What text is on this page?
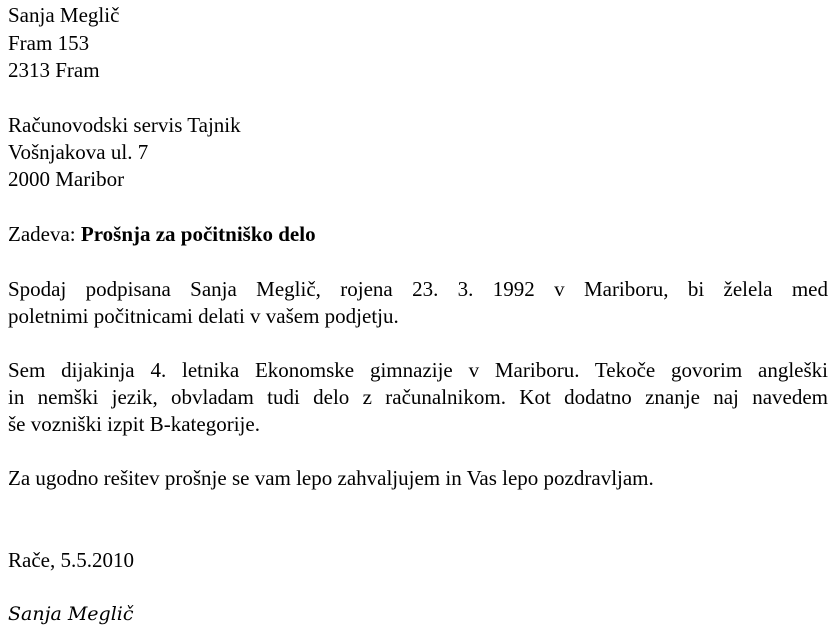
Sanja Meglič
Fram 153
2313 Fram
Računovodski servis Tajnik
Vošnjakova ul. 7
2000 Maribor
Zadeva: Prošnja za počitniško delo
Spodaj podpisana Sanja Meglič, rojena 23. 3. 1992 v Mariboru, bi želela med
poletnimi počitnicami delati v vašem podjetju.
Sem dijakinja 4. letnika Ekonomske gimnazije v Mariboru. Tekoče govorim angleški
in nemški jezik, obvladam tudi delo z računalnikom. Kot dodatno znanje naj navedem
še vozniški izpit B-kategorije.
Za ugodno rešitev prošnje se vam lepo zahvaljujem in Vas lepo pozdravljam.
Rače, 5.5.2010
Sanja Meglič
